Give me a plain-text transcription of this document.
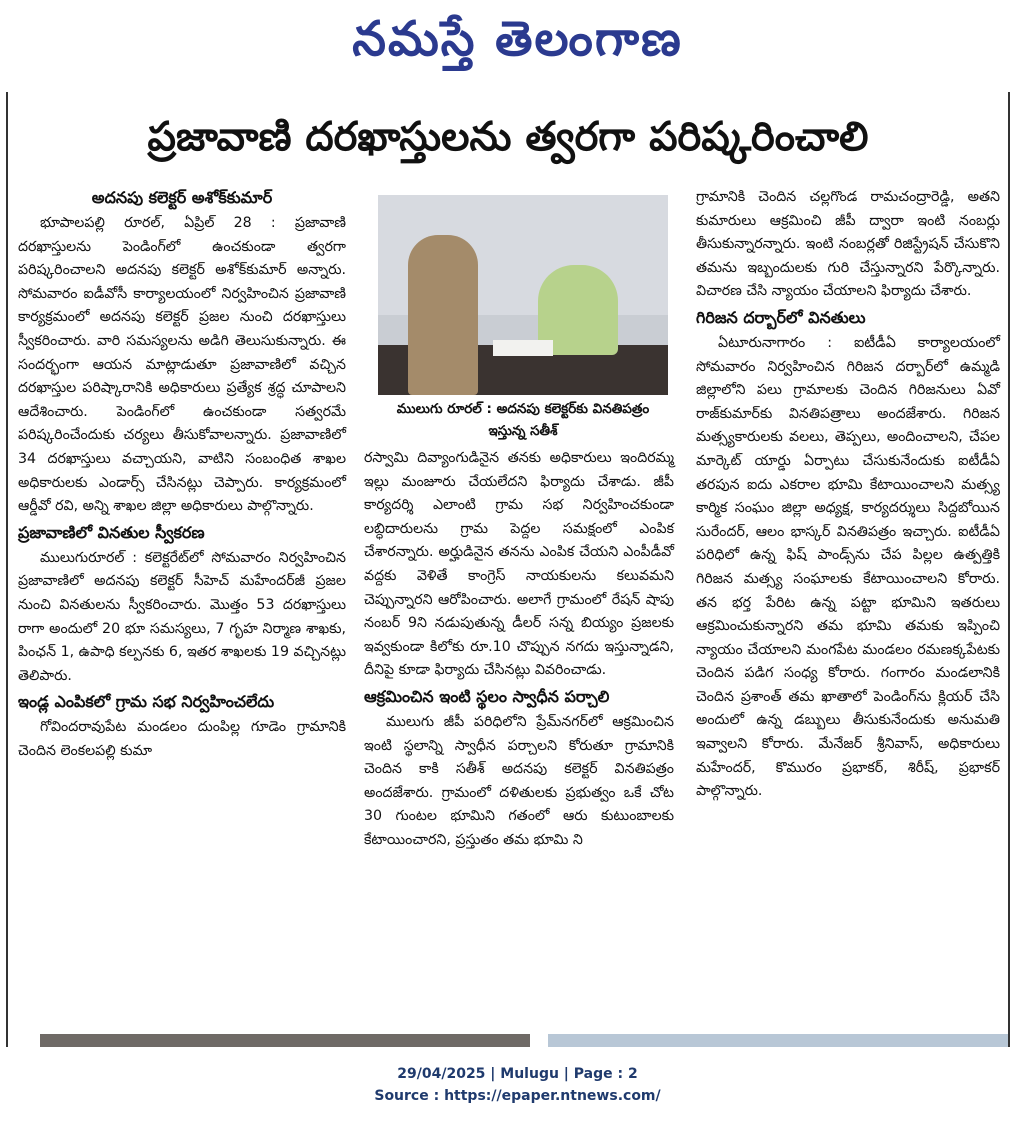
నమస్తే తెలంగాణ
ప్రజావాణి దరఖాస్తులను త్వరగా పరిష్కరించాలి
అదనపు కలెక్టర్ అశోక్‌కుమార్

భూపాలపల్లి రూరల్, ఏప్రిల్ 28 : ప్రజావాణి దరఖాస్తులను పెండింగ్‌లో ఉంచకుండా త్వరగా పరిష్కరించాలని అదనపు కలెక్టర్ అశోక్‌కుమార్ అన్నారు. సోమవారం ఐడీవోసీ కార్యాలయంలో నిర్వహించిన ప్రజావాణి కార్యక్రమంలో అదనపు కలెక్టర్ ప్రజల నుంచి దరఖాస్తులు స్వీకరించారు. వారి సమస్యలను అడిగి తెలుసుకున్నారు. ఈ సందర్భంగా ఆయన మాట్లాడుతూ ప్రజావాణిలో వచ్చిన దరఖాస్తుల పరిష్కారానికి అధికారులు ప్రత్యేక శ్రద్ధ చూపాలని ఆదేశించారు. పెండింగ్‌లో ఉంచకుండా సత్వరమే పరిష్కరించేందుకు చర్యలు తీసుకోవాలన్నారు. ప్రజావాణిలో 34 దరఖాస్తులు వచ్చాయని, వాటిని సంబంధిత శాఖల అధికారులకు ఎండార్స్ చేసినట్లు చెప్పారు. కార్యక్రమంలో ఆర్డీవో రవి, అన్ని శాఖల జిల్లా అధికారులు పాల్గొన్నారు.

ప్రజావాణిలో వినతుల స్వీకరణ

ములుగురూరల్ : కలెక్టరేట్‌లో సోమవారం నిర్వహించిన ప్రజావాణిలో అదనపు కలెక్టర్ సీహెచ్ మహేందర్‌జీ ప్రజల నుంచి వినతులను స్వీకరించారు. మొత్తం 53 దరఖాస్తులు రాగా అందులో 20 భూ సమస్యలు, 7 గృహ నిర్మాణ శాఖకు, పింఛన్ 1, ఉపాధి కల్పనకు 6, ఇతర శాఖలకు 19 వచ్చినట్లు తెలిపారు.

ఇండ్ల ఎంపికలో గ్రామ సభ నిర్వహించలేదు

గోవిందరావుపేట మండలం దుంపిల్ల గూడెం గ్రామానికి చెందిన లెంకలపల్లి కుమా

ములుగు రూరల్ : అదనపు కలెక్టర్‌కు వినతిపత్రం ఇస్తున్న సతీశ్

రస్వామి దివ్యాంగుడినైన తనకు అధికారులు ఇందిరమ్మ ఇల్లు మంజూరు చేయలేదని ఫిర్యాదు చేశాడు. జీపీ కార్యదర్శి ఎలాంటి గ్రామ సభ నిర్వహించకుండా లబ్ధిదారులను గ్రామ పెద్దల సమక్షంలో ఎంపిక చేశారన్నారు. అర్హుడినైన తనను ఎంపిక చేయని ఎంపీడీవో వద్దకు వెళితే కాంగ్రెస్ నాయకులను కలువమని చెప్పున్నారని ఆరోపించారు. అలాగే గ్రామంలో రేషన్ షాపు నంబర్ 9ని నడుపుతున్న డీలర్ సన్న బియ్యం ప్రజలకు ఇవ్వకుండా కిలోకు రూ.10 చొప్పున నగదు ఇస్తున్నాడని, దీనిపై కూడా ఫిర్యాదు చేసినట్లు వివరించాడు.

ఆక్రమించిన ఇంటి స్థలం స్వాధీన పర్చాలి

ములుగు జీపీ పరిధిలోని ప్రేమ్‌నగర్‌లో ఆక్రమించిన ఇంటి స్థలాన్ని స్వాధీన పర్చాలని కోరుతూ గ్రామానికి చెందిన కాకి సతీశ్ అదనపు కలెక్టర్ వినతిపత్రం అందజేశారు. గ్రామంలో దళితులకు ప్రభుత్వం ఒకే చోట 30 గుంటల భూమిని గతంలో ఆరు కుటుంబాలకు కేటాయించారని, ప్రస్తుతం తమ భూమి ని

గ్రామానికి చెందిన చల్లగొండ రామచంద్రారెడ్డి, అతని కుమారులు ఆక్రమించి జీపీ ద్వారా ఇంటి నంబర్లు తీసుకున్నారన్నారు. ఇంటి నంబర్లతో రిజిస్ట్రేషన్ చేసుకొని తమను ఇబ్బందులకు గురి చేస్తున్నారని పేర్కొన్నారు. విచారణ చేసి న్యాయం చేయాలని ఫిర్యాదు చేశారు.

గిరిజన దర్బార్‌లో వినతులు

ఏటూరునాగారం : ఐటీడీఏ కార్యాలయంలో సోమవారం నిర్వహించిన గిరిజన దర్బార్‌లో ఉమ్మడి జిల్లాలోని పలు గ్రామాలకు చెందిన గిరిజనులు ఏవో రాజ్‌కుమార్‌కు వినతిపత్రాలు అందజేశారు. గిరిజన మత్స్యకారులకు వలలు, తెప్పలు, అందించాలని, చేపల మార్కెట్ యార్డు ఏర్పాటు చేసుకునేందుకు ఐటీడీఏ తరపున ఐదు ఎకరాల భూమి కేటాయించాలని మత్స్య కార్మిక సంఘం జిల్లా అధ్యక్ష, కార్యదర్శులు సిద్దబోయిన సురేందర్, ఆలం భాస్కర్ వినతిపత్రం ఇచ్చారు. ఐటీడీఏ పరిధిలో ఉన్న ఫిష్ పాండ్స్‌ను చేప పిల్లల ఉత్పత్తికి గిరిజన మత్స్య సంఘాలకు కేటాయించాలని కోరారు. తన భర్త పేరిట ఉన్న పట్టా భూమిని ఇతరులు ఆక్రమించుకున్నారని తమ భూమి తమకు ఇప్పించి న్యాయం చేయాలని మంగపేట మండలం రమణక్కపేటకు చెందిన పడిగ సంధ్య కోరారు. గంగారం మండలానికి చెందిన ప్రశాంత్ తమ ఖాతాలో పెండింగ్‌ను క్లియర్ చేసి అందులో ఉన్న డబ్బులు తీసుకునేందుకు అనుమతి ఇవ్వాలని కోరారు. మేనేజర్ శ్రీనివాస్, అధికారులు మహేందర్, కొమురం ప్రభాకర్, శిరీష్, ప్రభాకర్ పాల్గొన్నారు.

29/04/2025 | Mulugu | Page : 2
Source : https://epaper.ntnews.com/
